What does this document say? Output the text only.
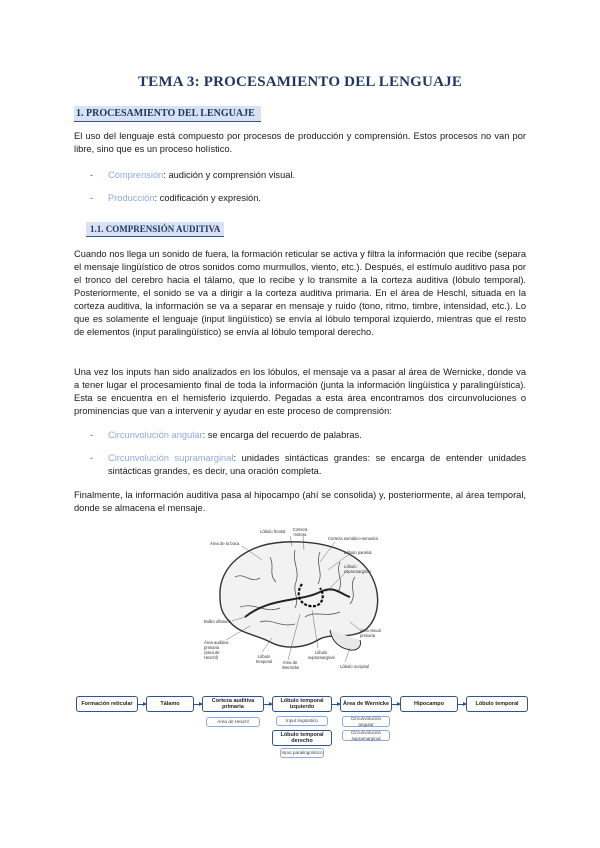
TEMA 3: PROCESAMIENTO DEL LENGUAJE
1. PROCESAMIENTO DEL LENGUAJE
El uso del lenguaje está compuesto por procesos de producción y comprensión. Estos procesos no van por libre, sino que es un proceso holístico.
-	Comprensión: audición y comprensión visual.
-	Producción: codificación y expresión.
1.1. COMPRENSIÓN AUDITIVA
Cuando nos llega un sonido de fuera, la formación reticular se activa y filtra la información que recibe (separa el mensaje lingüístico de otros sonidos como murmullos, viento, etc.). Después, el estímulo auditivo pasa por el tronco del cerebro hacia el tálamo, que lo recibe y lo transmite a la corteza auditiva (lóbulo temporal). Posteriormente, el sonido se va a dirigir a la corteza auditiva primaria. En el área de Heschl, situada en la corteza auditiva, la información se va a separar en mensaje y ruido (tono, ritmo, timbre, intensidad, etc.). Lo que es solamente el lenguaje (input lingüístico) se envía al lóbulo temporal izquierdo, mientras que el resto de elementos (input paralingüístico) se envía al lóbulo temporal derecho.
Una vez los inputs han sido analizados en los lóbulos, el mensaje va a pasar al área de Wernicke, donde va a tener lugar el procesamiento final de toda la información (junta la información lingüística y paralingüística). Esta se encuentra en el hemisferio izquierdo. Pegadas a esta área encontramos dos circunvoluciones o prominencias que van a intervenir y ayudar en este proceso de comprensión:
-	Circunvolución angular: se encarga del recuerdo de palabras.
-	Circunvolución supramarginal: unidades sintácticas grandes: se encarga de entender unidades sintácticas grandes, es decir, una oración completa.
Finalmente, la información auditiva pasa al hipocampo (ahí se consolida) y, posteriormente, al área temporal, donde se almacena el mensaje.
Lóbulo frontal Corteza motora
Corteza somático-sensoria
Área de la boca
Lóbulo parietal
Lóbulo supramarginal
Bulbo olfatorio
Área auditiva primaria (área de Heschl)	Lóbulo temporal Área de Wernicke
Lóbulo supramarginal
Área visual primaria
Lóbulo occipital
Formación reticular	Tálamo	Corteza auditiva primaria
Área de Heschl
Lóbulo temporal izquierdo
Input lingüístico
Lóbulo temporal derecho
Input paralingüístico
Área de Wernicke
Circunvolución angular
Circunvolución supramarginal
Hipocampo	Lóbulo temporal
